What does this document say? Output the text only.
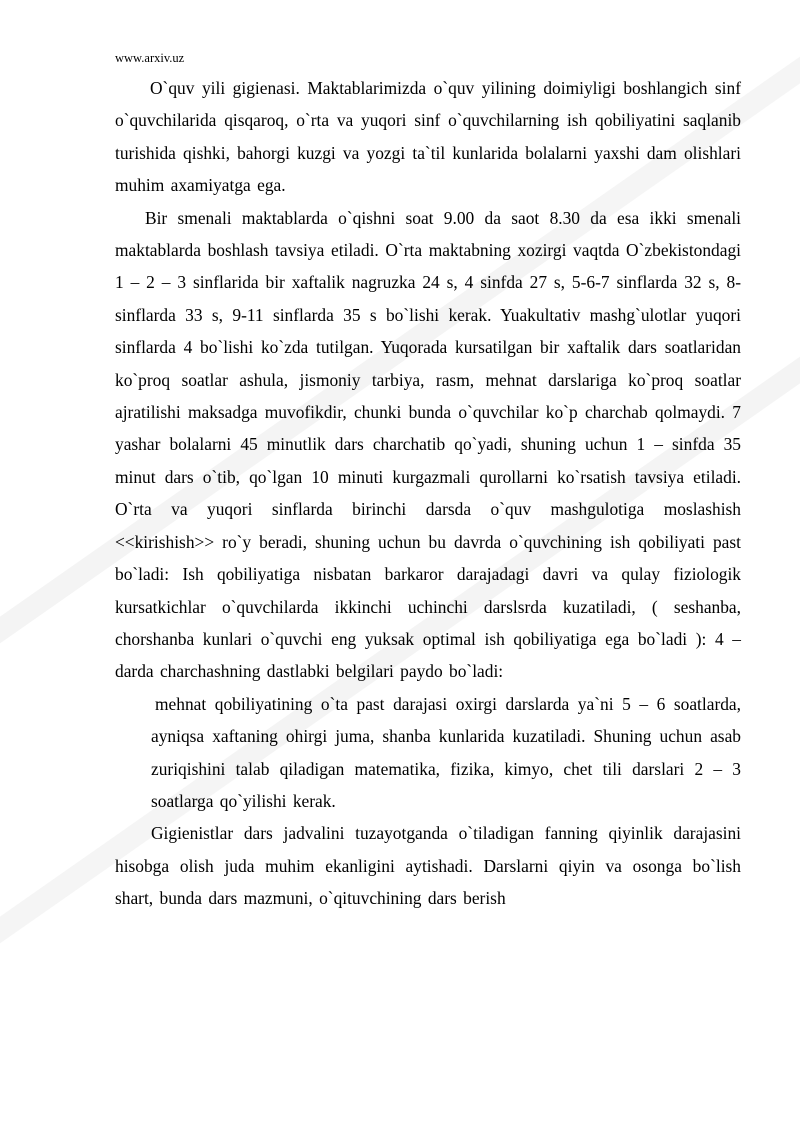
www.arxiv.uz

O`quv yili gigienasi. Maktablarimizda o`quv yilining doimiyligi boshlangich sinf o`quvchilarida qisqaroq, o`rta va yuqori sinf o`quvchilarning ish qobiliyatini saqlanib turishida qishki, bahorgi kuzgi va yozgi ta`til kunlarida bolalarni yaxshi dam olishlari muhim axamiyatga ega.

Bir smenali maktablarda o`qishni soat 9.00 da saot 8.30 da esa ikki smenali maktablarda boshlash tavsiya etiladi. O`rta maktabning xozirgi vaqtda O`zbekistondagi 1 – 2 – 3 sinflarida bir xaftalik nagruzka 24 s, 4 sinfda 27 s, 5-6-7 sinflarda 32 s, 8- sinflarda 33 s, 9-11 sinflarda 35 s bo`lishi kerak. Yuakultativ mashg`ulotlar yuqori sinflarda 4 bo`lishi ko`zda tutilgan. Yuqorada kursatilgan bir xaftalik dars soatlaridan ko`proq soatlar ashula, jismoniy tarbiya, rasm, mehnat darslariga ko`proq soatlar ajratilishi maksadga muvofikdir, chunki bunda o`quvchilar ko`p charchab qolmaydi. 7 yashar bolalarni 45 minutlik dars charchatib qo`yadi, shuning uchun 1 – sinfda 35 minut dars o`tib, qo`lgan 10 minuti kurgazmali qurollarni ko`rsatish tavsiya etiladi. O`rta va yuqori sinflarda birinchi darsda o`quv mashgulotiga moslashish <<kirishish>> ro`y beradi, shuning uchun bu davrda o`quvchining ish qobiliyati past bo`ladi: Ish qobiliyatiga nisbatan barkaror darajadagi davri va qulay fiziologik kursatkichlar o`quvchilarda ikkinchi uchinchi darslsrda kuzatiladi, ( seshanba, chorshanba kunlari o`quvchi eng yuksak optimal ish qobiliyatiga ega bo`ladi ): 4 – darda charchashning dastlabki belgilari paydo bo`ladi:

mehnat qobiliyatining o`ta past darajasi oxirgi darslarda ya`ni 5 – 6 soatlarda, ayniqsa xaftaning ohirgi juma, shanba kunlarida kuzatiladi. Shuning uchun asab zuriqishini talab qiladigan matematika, fizika, kimyo, chet tili darslari 2 – 3 soatlarga qo`yilishi kerak.

Gigienistlar dars jadvalini tuzayotganda o`tiladigan fanning qiyinlik darajasini hisobga olish juda muhim ekanligini aytishadi. Darslarni qiyin va osonga bo`lish shart, bunda dars mazmuni, o`qituvchining dars berish
